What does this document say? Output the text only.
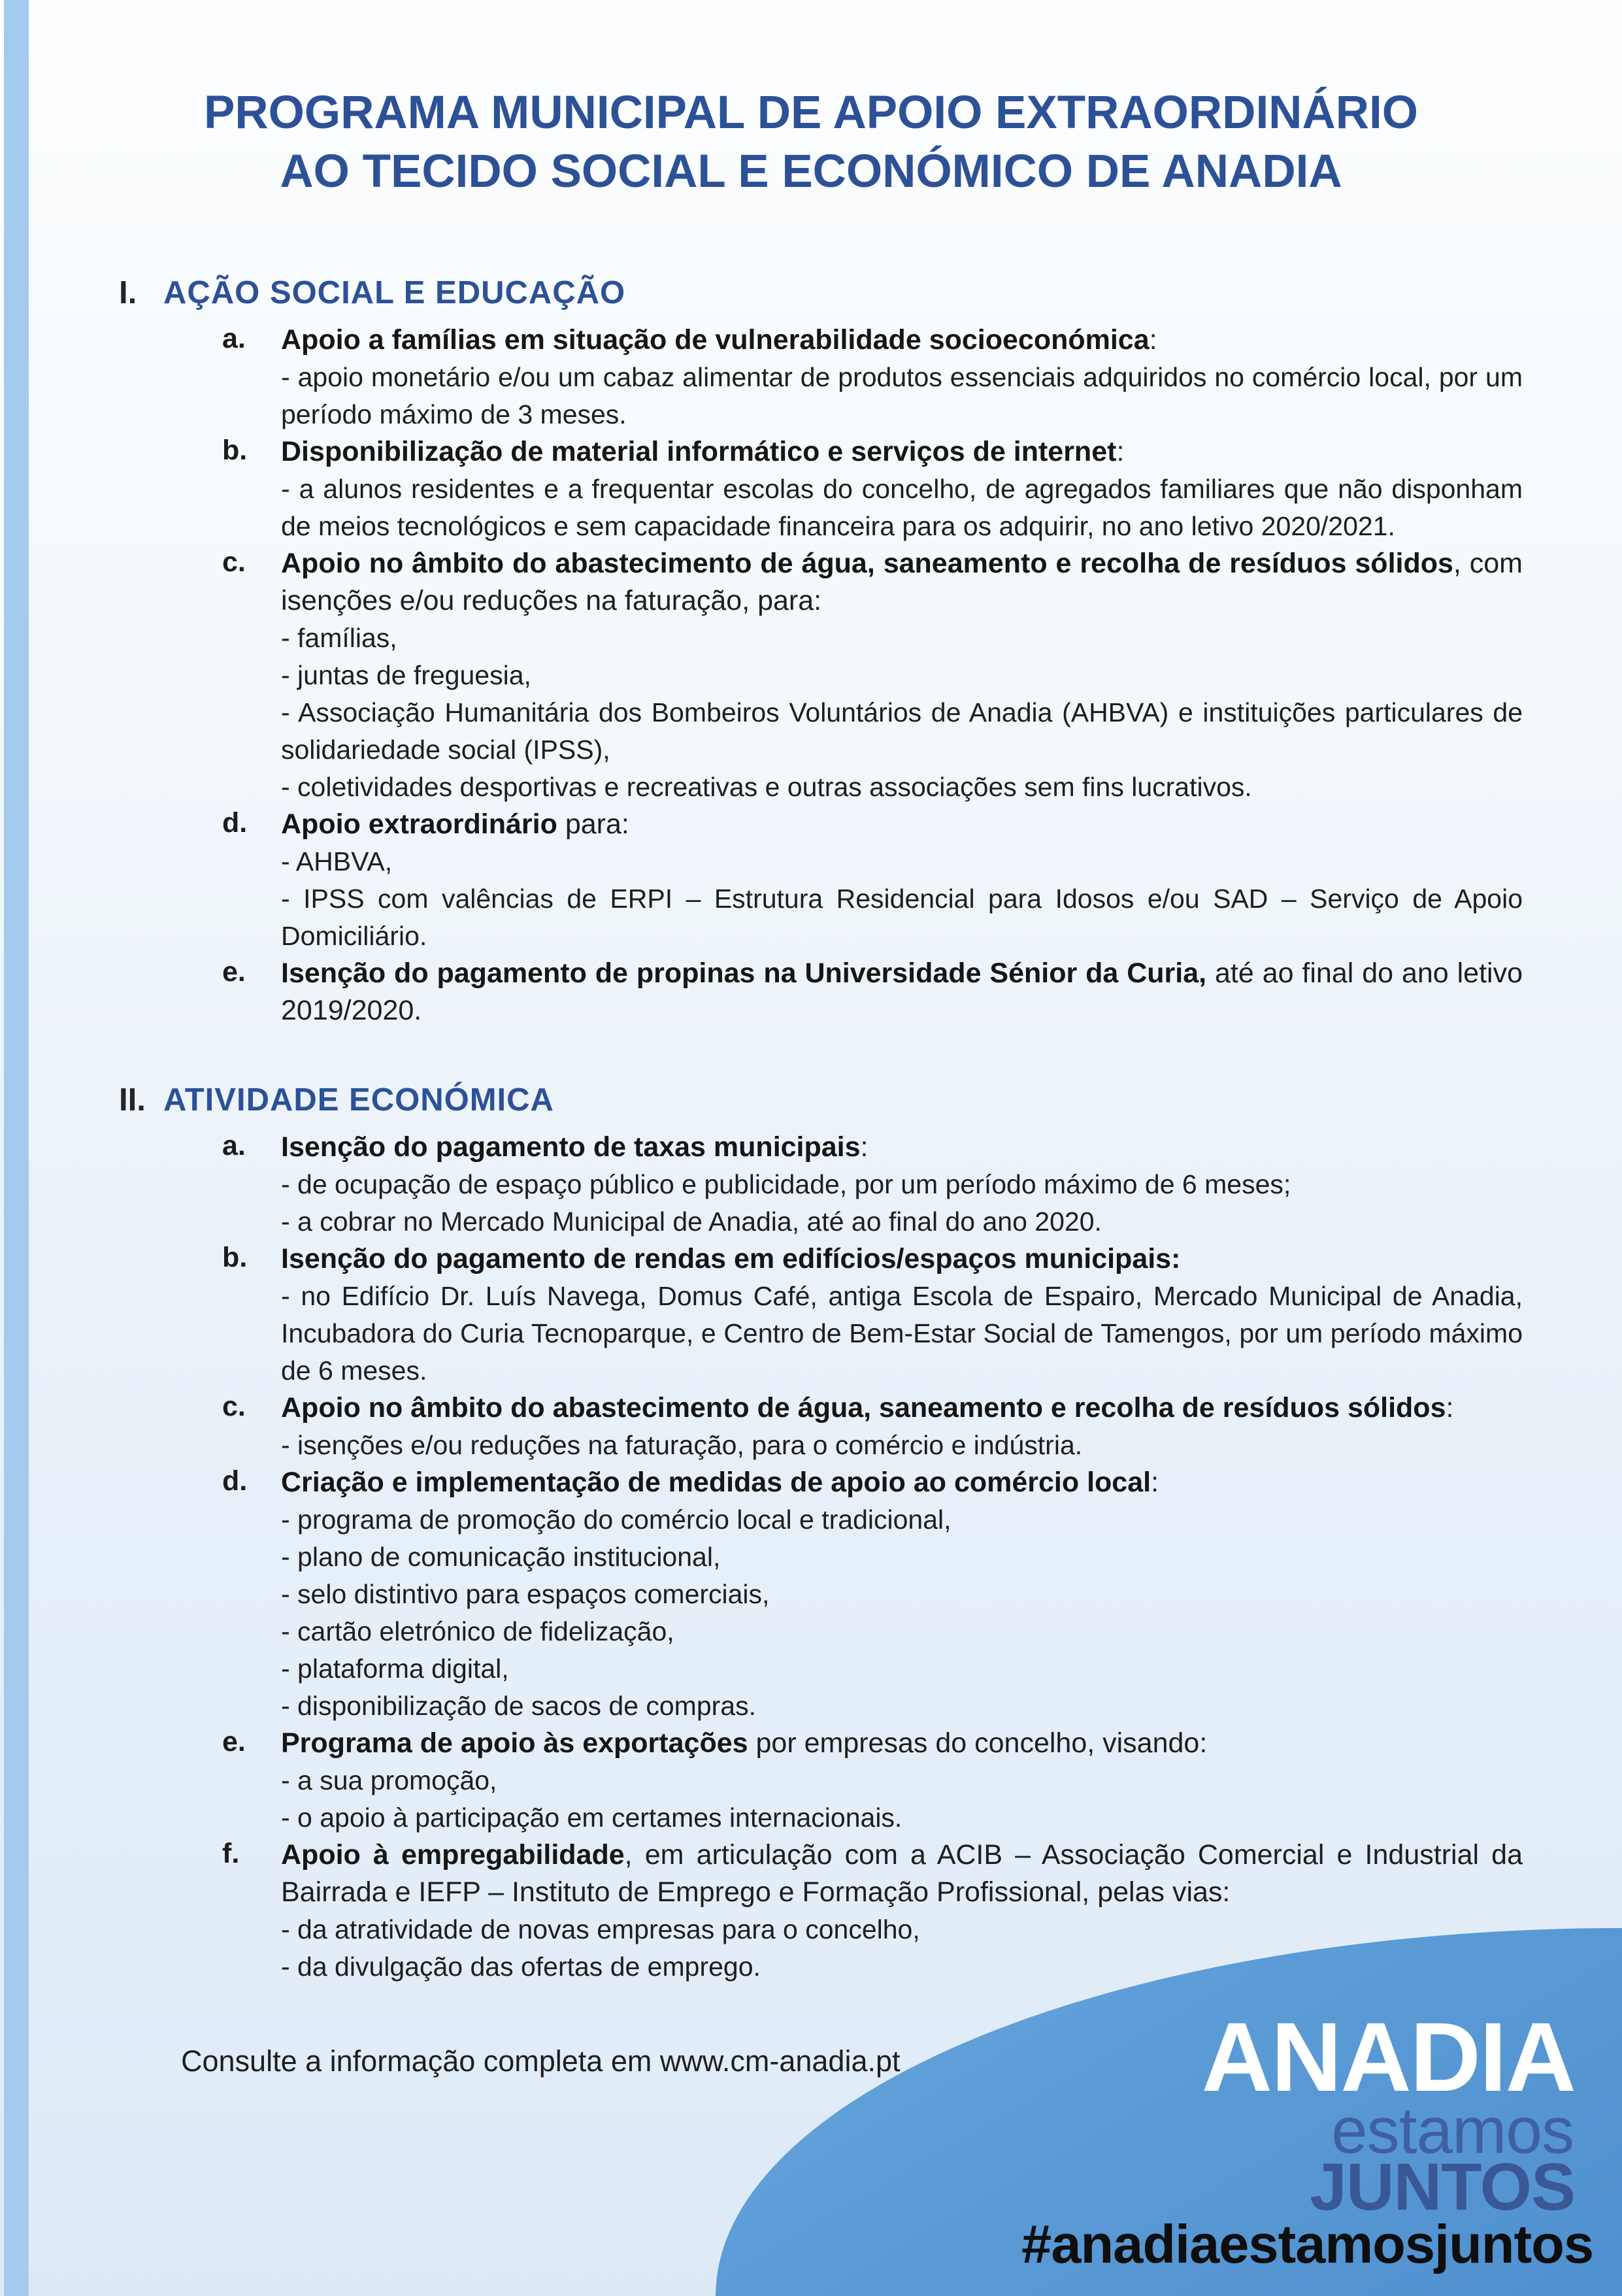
PROGRAMA MUNICIPAL DE APOIO EXTRAORDINÁRIO
AO TECIDO SOCIAL E ECONÓMICO DE ANADIA
I. AÇÃO SOCIAL E EDUCAÇÃO
a. Apoio a famílias em situação de vulnerabilidade socioeconómica:

- apoio monetário e/ou um cabaz alimentar de produtos essenciais adquiridos no comércio local, por um período máximo de 3 meses.

b. Disponibilização de material informático e serviços de internet:

- a alunos residentes e a frequentar escolas do concelho, de agregados familiares que não disponham de meios tecnológicos e sem capacidade financeira para os adquirir, no ano letivo 2020/2021.

c. Apoio no âmbito do abastecimento de água, saneamento e recolha de resíduos sólidos, com isenções e/ou reduções na faturação, para:

- famílias,

- juntas de freguesia,

- Associação Humanitária dos Bombeiros Voluntários de Anadia (AHBVA) e instituições particulares de solidariedade social (IPSS),

- coletividades desportivas e recreativas e outras associações sem fins lucrativos.

d. Apoio extraordinário para:

- AHBVA,

- IPSS com valências de ERPI – Estrutura Residencial para Idosos e/ou SAD – Serviço de Apoio Domiciliário.

e. Isenção do pagamento de propinas na Universidade Sénior da Curia, até ao final do ano letivo 2019/2020.

II. ATIVIDADE ECONÓMICA
a. Isenção do pagamento de taxas municipais:

- de ocupação de espaço público e publicidade, por um período máximo de 6 meses;

- a cobrar no Mercado Municipal de Anadia, até ao final do ano 2020.

b. Isenção do pagamento de rendas em edifícios/espaços municipais:

- no Edifício Dr. Luís Navega, Domus Café, antiga Escola de Espairo, Mercado Municipal de Anadia, Incubadora do Curia Tecnoparque, e Centro de Bem-Estar Social de Tamengos, por um período máximo de 6 meses.

c. Apoio no âmbito do abastecimento de água, saneamento e recolha de resíduos sólidos:

- isenções e/ou reduções na faturação, para o comércio e indústria.

d. Criação e implementação de medidas de apoio ao comércio local:

- programa de promoção do comércio local e tradicional,

- plano de comunicação institucional,

- selo distintivo para espaços comerciais,

- cartão eletrónico de fidelização,

- plataforma digital,

- disponibilização de sacos de compras.

e. Programa de apoio às exportações por empresas do concelho, visando:

- a sua promoção,

- o apoio à participação em certames internacionais.

f. Apoio à empregabilidade, em articulação com a ACIB – Associação Comercial e Industrial da Bairrada e IEFP – Instituto de Emprego e Formação Profissional, pelas vias:

- da atratividade de novas empresas para o concelho,

- da divulgação das ofertas de emprego.

Consulte a informação completa em www.cm-anadia.pt	ANADIA

estamos

JUNTOS

#anadiaestamosjuntos
